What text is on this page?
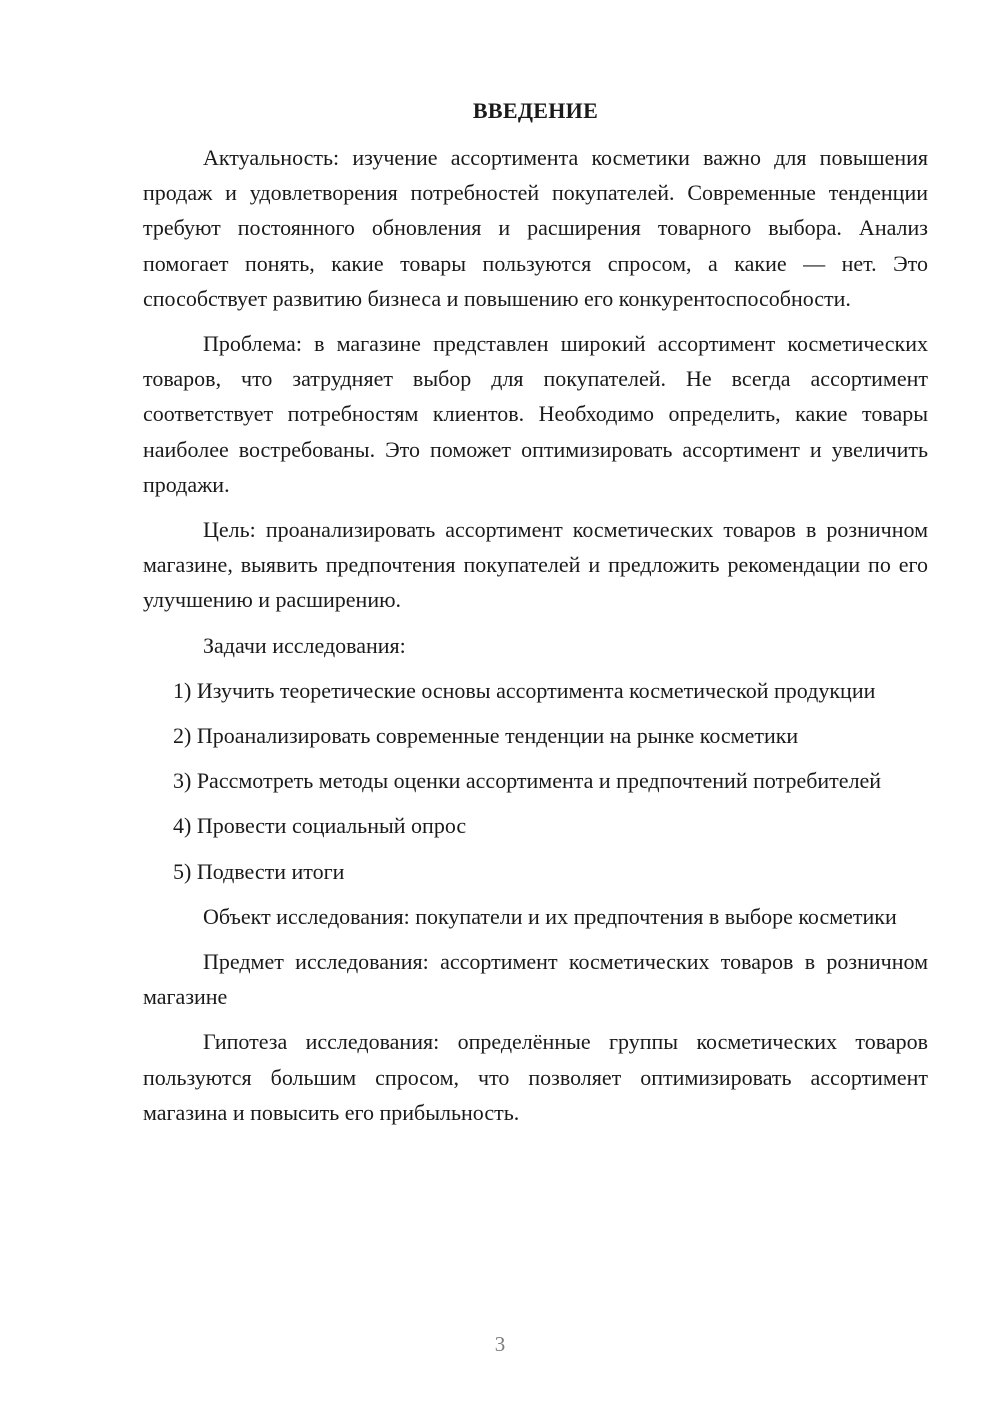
ВВЕДЕНИЕ

Актуальность: изучение ассортимента косметики важно для повышения продаж и удовлетворения потребностей покупателей. Современные тенденции требуют постоянного обновления и расширения товарного выбора. Анализ помогает понять, какие товары пользуются спросом, а какие — нет. Это способствует развитию бизнеса и повышению его конкурентоспособности.

Проблема: в магазине представлен широкий ассортимент косметических товаров, что затрудняет выбор для покупателей. Не всегда ассортимент соответствует потребностям клиентов. Необходимо определить, какие товары наиболее востребованы. Это поможет оптимизировать ассортимент и увеличить продажи.

Цель: проанализировать ассортимент косметических товаров в розничном магазине, выявить предпочтения покупателей и предложить рекомендации по его улучшению и расширению.

Задачи исследования:

1) Изучить теоретические основы ассортимента косметической продукции

2) Проанализировать современные тенденции на рынке косметики

3) Рассмотреть методы оценки ассортимента и предпочтений потребителей

4) Провести социальный опрос

5) Подвести итоги

Объект исследования: покупатели и их предпочтения в выборе косметики

Предмет исследования: ассортимент косметических товаров в розничном магазине

Гипотеза исследования: определённые группы косметических товаров пользуются большим спросом, что позволяет оптимизировать ассортимент магазина и повысить его прибыльность.

3
